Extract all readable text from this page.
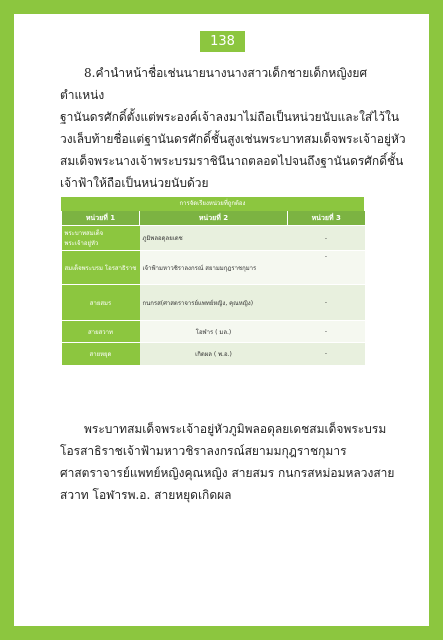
138

8.คำนำหน้าชื่อเช่นนายนางนางสาวเด็กชายเด็กหญิงยศตำแหน่ง
ฐานันดรศักดิ์ตั้งแต่พระองค์เจ้าลงมาไม่ถือเป็นหน่วยนับและใส่ไว้ในวงเล็บท้ายชื่อแต่ฐานันดรศักดิ์ชั้นสูงเช่นพระบาทสมเด็จพระเจ้าอยู่หัวสมเด็จพระนางเจ้าพระบรมราชินีนาถตลอดไปจนถึงฐานันดรศักดิ์ชั้นเจ้าฟ้าให้ถือเป็นหน่วยนับด้วย

การจัดเรียงหน่วยที่ถูกต้อง
หน่วยที่ 1	หน่วยที่ 2	หน่วยที่ 3
พระบาทสมเด็จพระเจ้าอยู่หัว	ภูมิพลอดุลยเดช	-
สมเด็จพระบรม โอรสาธิราช	เจ้าฟ้ามหาวชิราลงกรณ์ สยามมกุฎราชกุมาร	-
สายสมร	กนกรส(ศาสตราจารย์แพทย์หญิง, คุณหญิง)	-
สายสวาท	โอฬาร ( มล.)	-
สายหยุด	เกิดผล ( พ.อ.)	-

พระบาทสมเด็จพระเจ้าอยู่หัวภูมิพลอดุลยเดชสมเด็จพระบรม
โอรสาธิราชเจ้าฟ้ามหาวชิราลงกรณ์สยามมกุฎราชกุมารศาสตราจารย์แพทย์หญิงคุณหญิง สายสมร กนกรสหม่อมหลวงสายสวาท โอฬารพ.อ. สายหยุดเกิดผล
